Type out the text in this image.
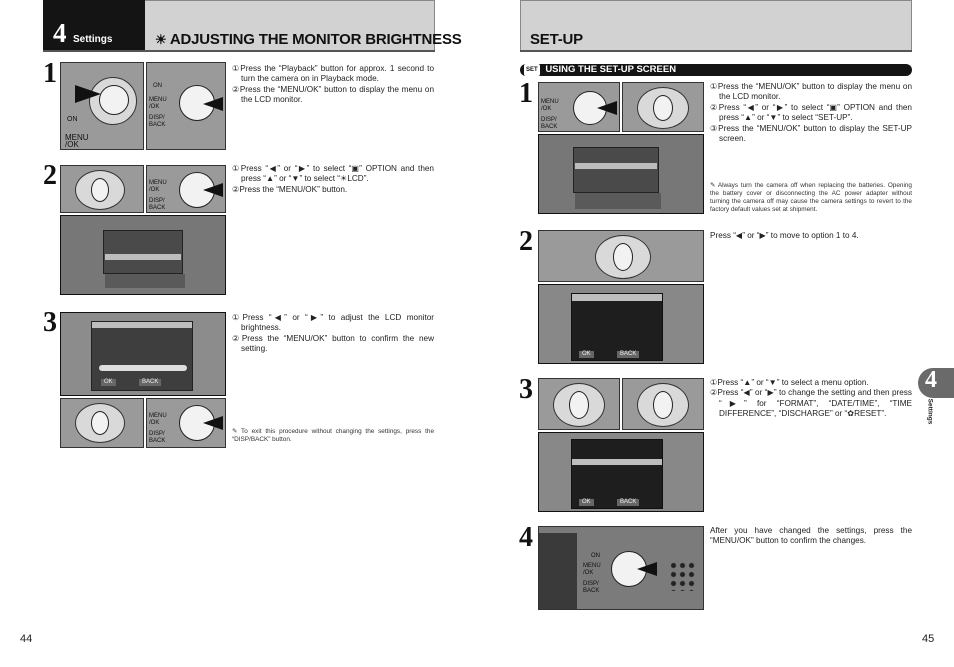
4 Settings	☀ ADJUSTING THE MONITOR BRIGHTNESS
1
ON
MENU /OK
ON
MENU /OK
DISP/ BACK

①Press the “Playback” button for approx. 1 second to turn the camera on in Playback mode.

②Press the “MENU/OK” button to display the menu on the LCD monitor.

2	MENU /OK
DISP/ BACK

①Press “◀” or “▶” to select “▣” OPTION and then press “▲” or “▼” to select “☀LCD”.

②Press the “MENU/OK” button.

3
OK	BACK
MENU /OK
DISP/ BACK

①Press “◀” or “▶” to adjust the LCD monitor brightness.

②Press the “MENU/OK” button to confirm the new setting.

✎ To exit this procedure without changing the settings, press the “DISP/BACK” button.
44
SET-UP
SET USING THE SET-UP SCREEN
1 MENU /OK
DISP/ BACK

①Press the “MENU/OK” button to display the menu on the LCD monitor.

②Press “◀” or “▶” to select “▣” OPTION and then press “▲” or “▼” to select “SET-UP”.

③Press the “MENU/OK” button to display the SET-UP screen.

✎ Always turn the camera off when replacing the batteries. Opening the battery cover or disconnecting the AC power adapter without turning the camera off may cause the camera settings to revert to the factory default values set at shipment.
2
OK	BACK

Press “◀” or “▶” to move to option 1 to 4.

3
OK	BACK

①Press “▲” or “▼” to select a menu option.

②Press “◀” or “▶” to change the setting and then press “▶” for “FORMAT”, “DATE/TIME”, “TIME DIFFERENCE”, “DISCHARGE” or “✿RESET”.

4
ON
MENU /OK
DISP/ BACK

After you have changed the settings, press the “MENU/OK” button to confirm the changes.

4
Settings
45
